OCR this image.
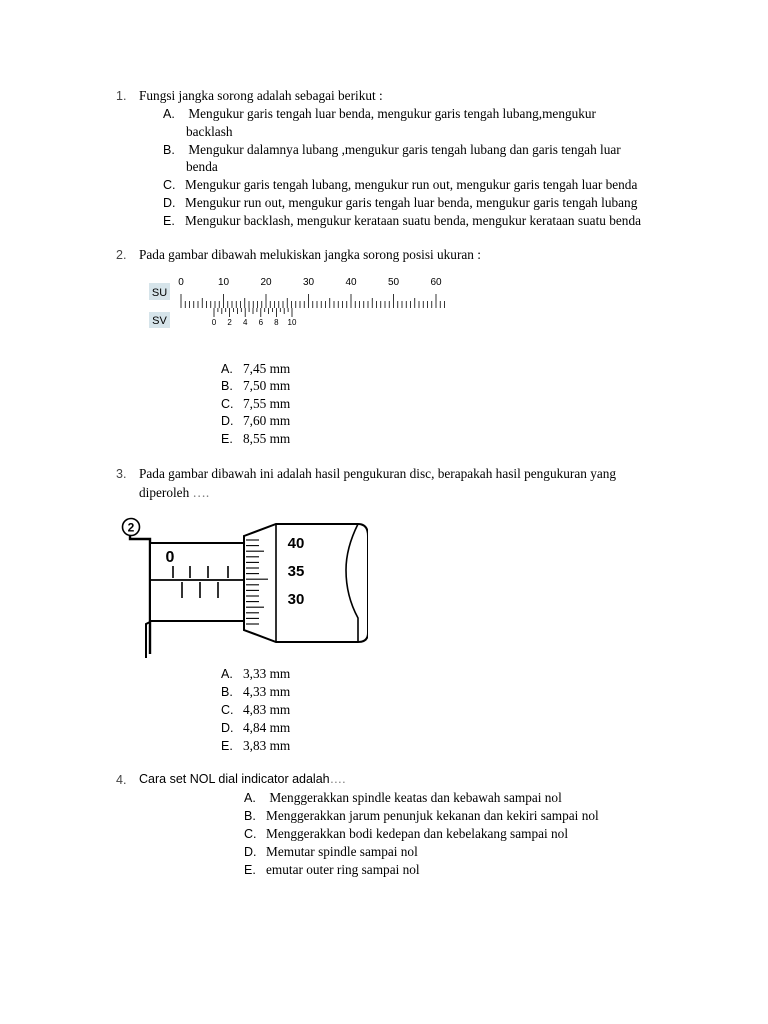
1. Fungsi jangka sorong adalah sebagai berikut :
A. Mengukur garis tengah luar benda, mengukur garis tengah lubang,mengukur
backlash
B. Mengukur dalamnya lubang ,mengukur garis tengah lubang dan garis tengah luar
benda
C. Mengukur garis tengah lubang, mengukur run out, mengukur garis tengah luar benda
D. Mengukur run out, mengukur garis tengah luar benda, mengukur garis tengah lubang
E. Mengukur backlash, mengukur kerataan suatu benda, mengukur kerataan suatu benda
2. Pada gambar dibawah melukiskan jangka sorong posisi ukuran :
SU
SV
0	10	20	30	40	50	60
0 2 4 6 8 10
A. 7,45 mm
B. 7,50 mm
C. 7,55 mm
D. 7,60 mm
E. 8,55 mm
3. Pada gambar dibawah ini adalah hasil pengukuran disc, berapakah hasil pengukuran yang
diperoleh ….
2
0
40
35
30
A. 3,33 mm
B. 4,33 mm
C. 4,83 mm
D. 4,84 mm
E. 3,83 mm
4. Cara set NOL dial indicator adalah….
A. Menggerakkan spindle keatas dan kebawah sampai nol
B. Menggerakkan jarum penunjuk kekanan dan kekiri sampai nol
C. Menggerakkan bodi kedepan dan kebelakang sampai nol
D. Memutar spindle sampai nol
E. emutar outer ring sampai nol
